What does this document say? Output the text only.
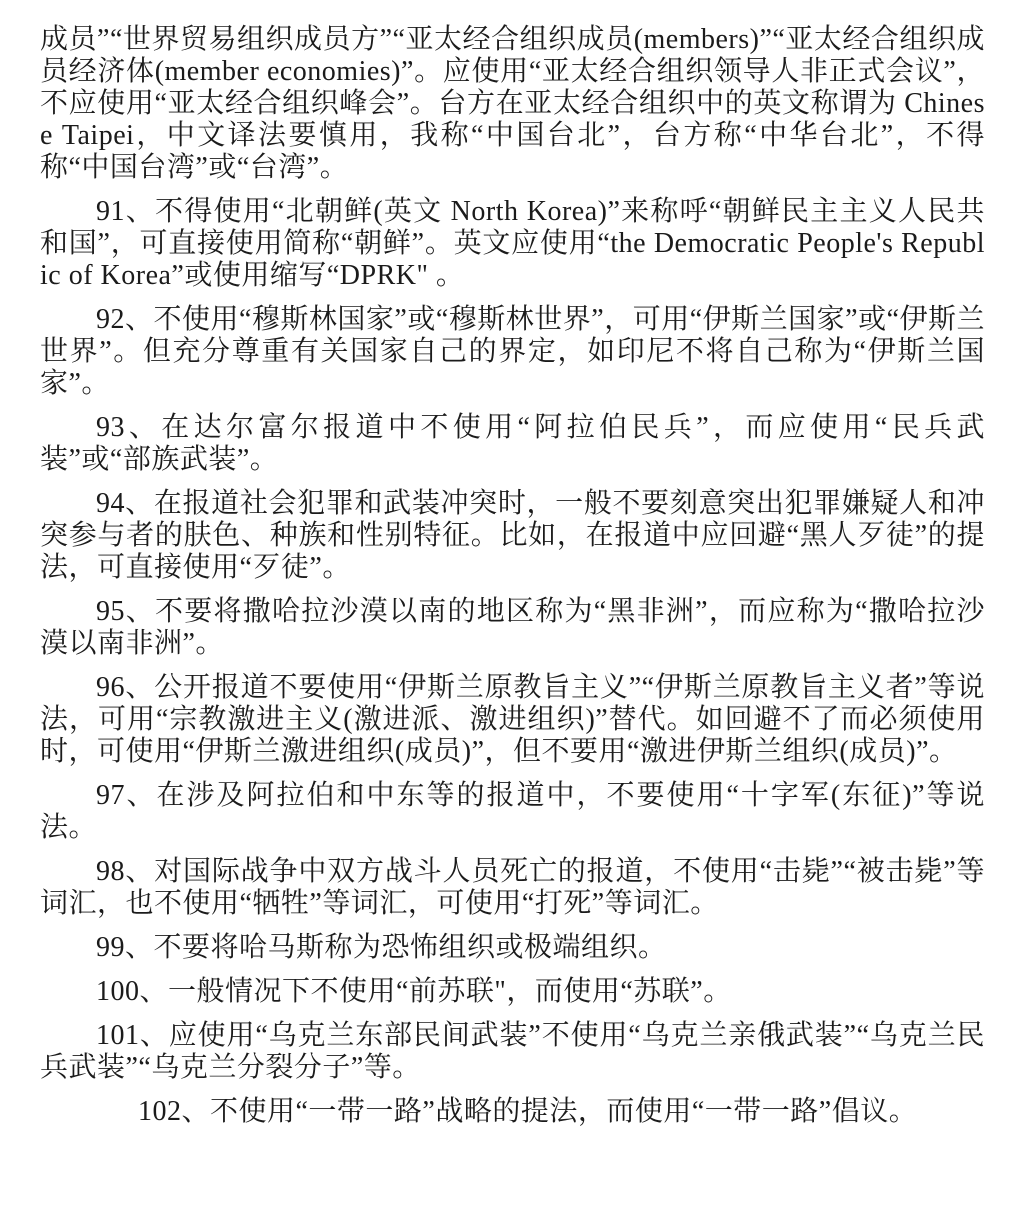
成员”“世界贸易组织成员方”“亚太经合组织成员(members)”“亚太经合组织成员经济体(member economies)”。应使用“亚太经合组织领导人非正式会议”，不应使用“亚太经合组织峰会”。台方在亚太经合组织中的英文称谓为 Chinese Taipei，中文译法要慎用，我称“中国台北”，台方称“中华台北”，不得称“中国台湾”或“台湾”。

91、不得使用“北朝鲜(英文 North Korea)”来称呼“朝鲜民主主义人民共和国”，可直接使用简称“朝鲜”。英文应使用“the Democratic People's Republic of Korea”或使用缩写“DPRK" 。

92、不使用“穆斯林国家”或“穆斯林世界”，可用“伊斯兰国家”或“伊斯兰世界”。但充分尊重有关国家自己的界定，如印尼不将自己称为“伊斯兰国家”。

93、在达尔富尔报道中不使用“阿拉伯民兵”，而应使用“民兵武装”或“部族武装”。

94、在报道社会犯罪和武装冲突时，一般不要刻意突出犯罪嫌疑人和冲突参与者的肤色、种族和性别特征。比如，在报道中应回避“黑人歹徒”的提法，可直接使用“歹徒”。

95、不要将撒哈拉沙漠以南的地区称为“黑非洲”，而应称为“撒哈拉沙漠以南非洲”。

96、公开报道不要使用“伊斯兰原教旨主义”“伊斯兰原教旨主义者”等说法，可用“宗教激进主义(激进派、激进组织)”替代。如回避不了而必须使用时，可使用“伊斯兰激进组织(成员)”，但不要用“激进伊斯兰组织(成员)”。

97、在涉及阿拉伯和中东等的报道中，不要使用“十字军(东征)”等说法。

98、对国际战争中双方战斗人员死亡的报道，不使用“击毙”“被击毙”等词汇，也不使用“牺牲”等词汇，可使用“打死”等词汇。

99、不要将哈马斯称为恐怖组织或极端组织。

100、一般情况下不使用“前苏联"，而使用“苏联”。

101、应使用“乌克兰东部民间武装”不使用“乌克兰亲俄武装”“乌克兰民兵武装”“乌克兰分裂分子”等。

102、不使用“一带一路”战略的提法，而使用“一带一路”倡议。
